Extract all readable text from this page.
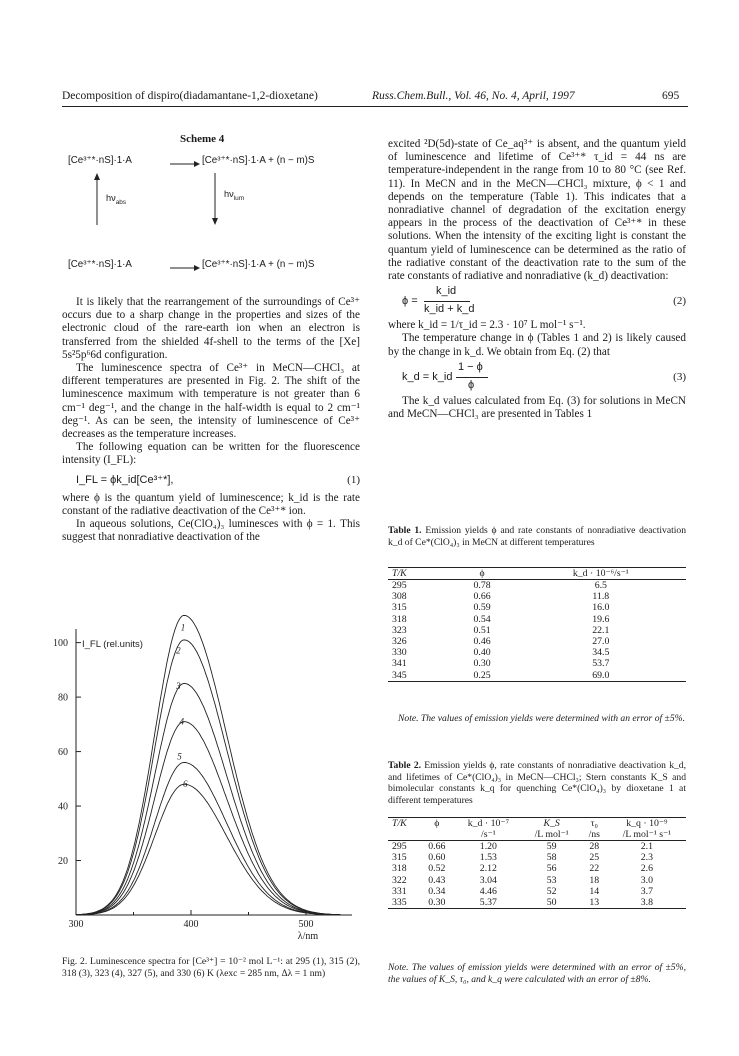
Decomposition of dispiro(diadamantane-1,2-dioxetane)	Russ.Chem.Bull., Vol. 46, No. 4, April, 1997	695
Scheme 4
[Ce³⁺*·nS]·1·A	[Ce³⁺*·nS]·1·A + (n − m)S
$h\nu_{abs}$
$h\nu_{lum}$
[Ce³⁺*·nS]·1·A	[Ce³⁺*·nS]·1·A + (n − m)S

It is likely that the rearrangement of the surroundings of Ce³⁺ occurs due to a sharp change in the properties and sizes of the electronic cloud of the rare-earth ion when an electron is transferred from the shielded 4f-shell to the terms of the [Xe] 5s²5p⁶6d configuration.

The luminescence spectra of Ce³⁺ in MeCN—CHCl₃ at different temperatures are presented in Fig. 2. The shift of the luminescence maximum with temperature is not greater than 6 cm⁻¹ deg⁻¹, and the change in the half-width is equal to 2 cm⁻¹ deg⁻¹. As can be seen, the intensity of luminescence of Ce³⁺ decreases as the temperature increases.

The following equation can be written for the fluorescence intensity (I_FL):

I_FL = ϕk_id[Ce³⁺*],	(1)

where ϕ is the quantum yield of luminescence; k_id is the rate constant of the radiative deactivation of the Ce³⁺* ion.

In aqueous solutions, Ce(ClO₄)₃ luminesces with ϕ = 1. This suggest that nonradiative deactivation of the

20
40
60
80
100
300	400	500
I_FL (rel.units)
λ/nm
1
2
3
4
5
6
Fig. 2. Luminescence spectra for [Ce³⁺] = 10⁻² mol L⁻¹: at 295 (1), 315 (2), 318 (3), 323 (4), 327 (5), and 330 (6) K (λexc = 285 nm, Δλ = 1 nm)

excited ²D(5d)-state of Ce_aq³⁺ is absent, and the quantum yield of luminescence and lifetime of Ce³⁺* τ_id = 44 ns are temperature-independent in the range from 10 to 80 °C (see Ref. 11). In MeCN and in the MeCN—CHCl₃ mixture, ϕ < 1 and depends on the temperature (Table 1). This indicates that a nonradiative channel of degradation of the excitation energy appears in the process of the deactivation of Ce³⁺* in these solutions. When the intensity of the exciting light is constant the quantum yield of luminescence can be determined as the ratio of the radiative constant of the deactivation rate to the sum of the rate constants of radiative and nonradiative (k_d) deactivation:

ϕ =
k_id
k_id + k_d
(2)

where k_id = 1/τ_id = 2.3 · 10⁷ L mol⁻¹ s⁻¹.

The temperature change in ϕ (Tables 1 and 2) is likely caused by the change in k_d. We obtain from Eq. (2) that

k_d = k_id
1 − ϕ
ϕ
(3)

The k_d values calculated from Eq. (3) for solutions in MeCN and MeCN—CHCl₃ are presented in Tables 1

Table 1. Emission yields ϕ and rate constants of nonradiative deactivation k_d of Ce*(ClO₄)₃ in MeCN at different temperatures
T/K	ϕ	k_d · 10⁻⁶/s⁻¹
295	0.78	6.5
308	0.66	11.8
315	0.59	16.0
318	0.54	19.6
323	0.51	22.1
326	0.46	27.0
330	0.40	34.5
341	0.30	53.7
345	0.25	69.0
Note. The values of emission yields were determined with an error of ±5%.
Table 2. Emission yields ϕ, rate constants of nonradiative deactivation k_d, and lifetimes of Ce*(ClO₄)₃ in MeCN—CHCl₃; Stern constants K_S and bimolecular constants k_q for quenching Ce*(ClO₄)₃ by dioxetane 1 at different temperatures
T/K	ϕ	k_d · 10⁻⁷	K_S	τ₀	k_q · 10⁻⁹
		/s⁻¹	/L mol⁻¹	/ns	/L mol⁻¹ s⁻¹
295	0.66	1.20	59	28	2.1
315	0.60	1.53	58	25	2.3
318	0.52	2.12	56	22	2.6
322	0.43	3.04	53	18	3.0
331	0.34	4.46	52	14	3.7
335	0.30	5.37	50	13	3.8
Note. The values of emission yields were determined with an error of ±5%, the values of K_S, τ₀, and k_q were calculated with an error of ±8%.
